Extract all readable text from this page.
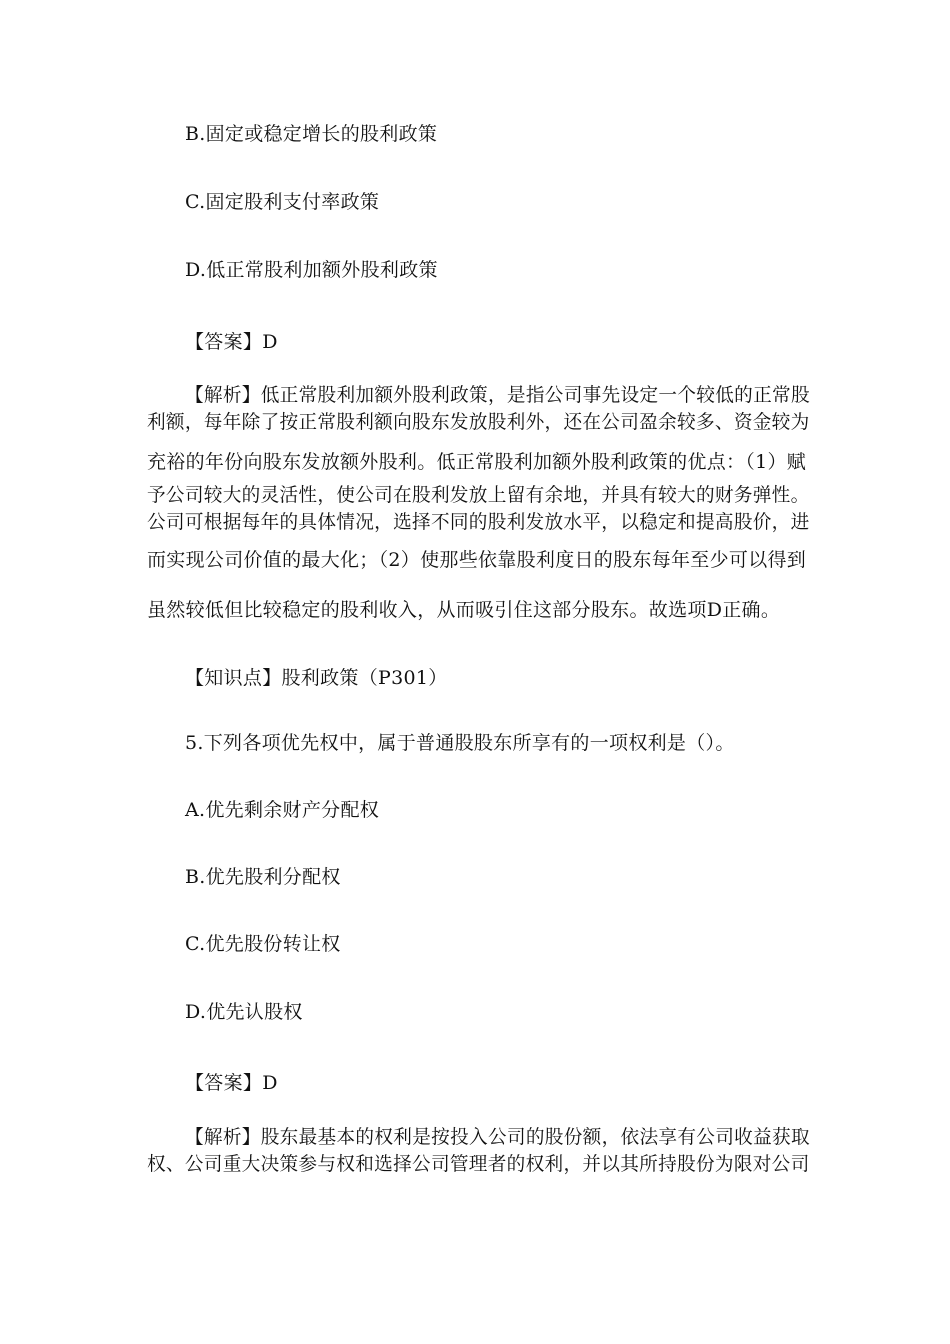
B.固定或稳定增长的股利政策
C.固定股利支付率政策
D.低正常股利加额外股利政策
【答案】D
【解析】低正常股利加额外股利政策，是指公司事先设定一个较低的正常股
利额，每年除了按正常股利额向股东发放股利外，还在公司盈余较多、资金较为
充裕的年份向股东发放额外股利。低正常股利加额外股利政策的优点：（1）赋
予公司较大的灵活性，使公司在股利发放上留有余地，并具有较大的财务弹性。
公司可根据每年的具体情况，选择不同的股利发放水平，以稳定和提高股价，进
而实现公司价值的最大化；（2）使那些依靠股利度日的股东每年至少可以得到
虽然较低但比较稳定的股利收入，从而吸引住这部分股东。故选项D正确。
【知识点】股利政策（P301）
5.下列各项优先权中，属于普通股股东所享有的一项权利是（）。
A.优先剩余财产分配权
B.优先股利分配权
C.优先股份转让权
D.优先认股权
【答案】D
【解析】股东最基本的权利是按投入公司的股份额，依法享有公司收益获取
权、公司重大决策参与权和选择公司管理者的权利，并以其所持股份为限对公司
